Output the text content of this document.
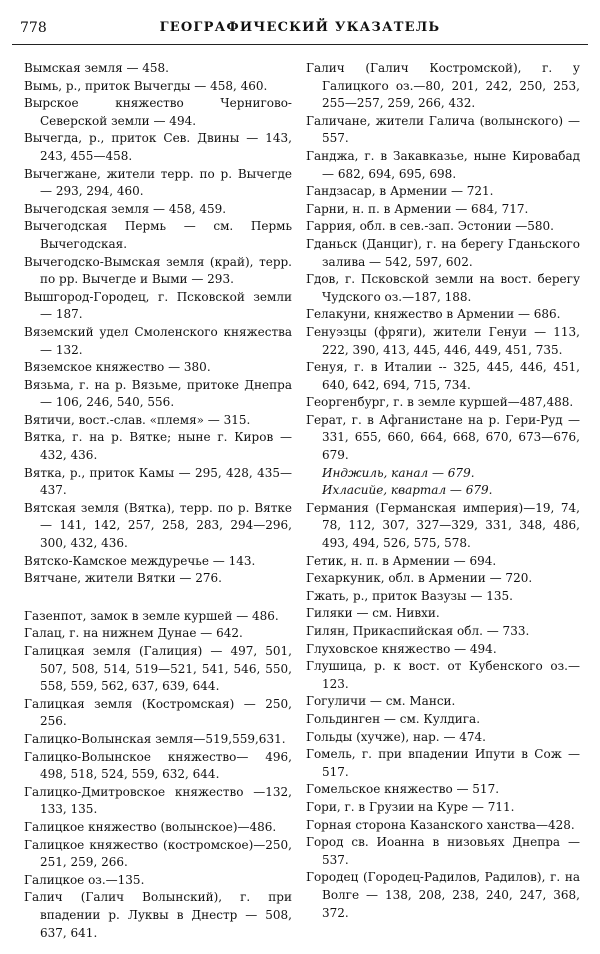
778	ГЕОГРАФИЧЕСКИЙ УКАЗАТЕЛЬ
Вымская земля — 458.
Вымь, р., приток Вычегды — 458, 460.
Вырское княжество Чернигово-Северской земли — 494.
Вычегда, р., приток Сев. Двины — 143, 243, 455—458.
Вычегжане, жители терр. по р. Вычегде — 293, 294, 460.
Вычегодская земля — 458, 459.
Вычегодская Пермь — см. Пермь Вычегодская.
Вычегодско-Вымская земля (край), терр. по рр. Вычегде и Выми — 293.
Вышгород-Городец, г. Псковской земли — 187.
Вяземский удел Смоленского княжества — 132.
Вяземское княжество — 380.
Вязьма, г. на р. Вязьме, притоке Днепра — 106, 246, 540, 556.
Вятичи, вост.-слав. «племя» — 315.
Вятка, г. на р. Вятке; ныне г. Киров — 432, 436.
Вятка, р., приток Камы — 295, 428, 435—437.
Вятская земля (Вятка), терр. по р. Вятке — 141, 142, 257, 258, 283, 294—296, 300, 432, 436.
Вятско-Камское междуречье — 143.
Вятчане, жители Вятки — 276.
Газенпот, замок в земле куршей — 486.
Галац, г. на нижнем Дунае — 642.
Галицкая земля (Галиция) — 497, 501, 507, 508, 514, 519—521, 541, 546, 550, 558, 559, 562, 637, 639, 644.
Галицкая земля (Костромская) — 250, 256.
Галицко-Волынская земля—519,559,631.
Галицко-Волынское княжество— 496, 498, 518, 524, 559, 632, 644.
Галицко-Дмитровское княжество —132, 133, 135.
Галицкое княжество (волынское)—486.
Галицкое княжество (костромское)—250, 251, 259, 266.
Галицкое оз.—135.
Галич (Галич Волынский), г. при впадении р. Луквы в Днестр — 508, 637, 641.
Галич (Галич Костромской), г. у Галицкого оз.—80, 201, 242, 250, 253, 255—257, 259, 266, 432.
Галичане, жители Галича (волынского) — 557.
Ганджа, г. в Закавказье, ныне Кировабад — 682, 694, 695, 698.
Гандзасар, в Армении — 721.
Гарни, н. п. в Армении — 684, 717.
Гаррия, обл. в сев.-зап. Эстонии —580.
Гданьск (Данциг), г. на берегу Гданьского залива — 542, 597, 602.
Гдов, г. Псковской земли на вост. берегу Чудского оз.—187, 188.
Гелакуни, княжество в Армении — 686.
Генуэзцы (фряги), жители Генуи — 113, 222, 390, 413, 445, 446, 449, 451, 735.
Генуя, г. в Италии -- 325, 445, 446, 451, 640, 642, 694, 715, 734.
Георгенбург, г. в земле куршей—487,488.
Герат, г. в Афганистане на р. Гери-Руд — 331, 655, 660, 664, 668, 670, 673—676, 679.
Инджиль, канал — 679.
Ихласийе, квартал — 679.
Германия (Германская империя)—19, 74, 78, 112, 307, 327—329, 331, 348, 486, 493, 494, 526, 575, 578.
Гетик, н. п. в Армении — 694.
Гехаркуник, обл. в Армении — 720.
Гжать, р., приток Вазузы — 135.
Гиляки — см. Нивхи.
Гилян, Прикаспийская обл. — 733.
Глуховское княжество — 494.
Глушица, р. к вост. от Кубенского оз.—123.
Гогуличи — см. Манси.
Гольдинген — см. Кулдига.
Гольды (хучже), нар. — 474.
Гомель, г. при впадении Ипути в Сож — 517.
Гомельское княжество — 517.
Гори, г. в Грузии на Куре — 711.
Горная сторона Казанского ханства—428.
Город св. Иоанна в низовьях Днепра — 537.
Городец (Городец-Радилов, Радилов), г. на Волге — 138, 208, 238, 240, 247, 368, 372.
